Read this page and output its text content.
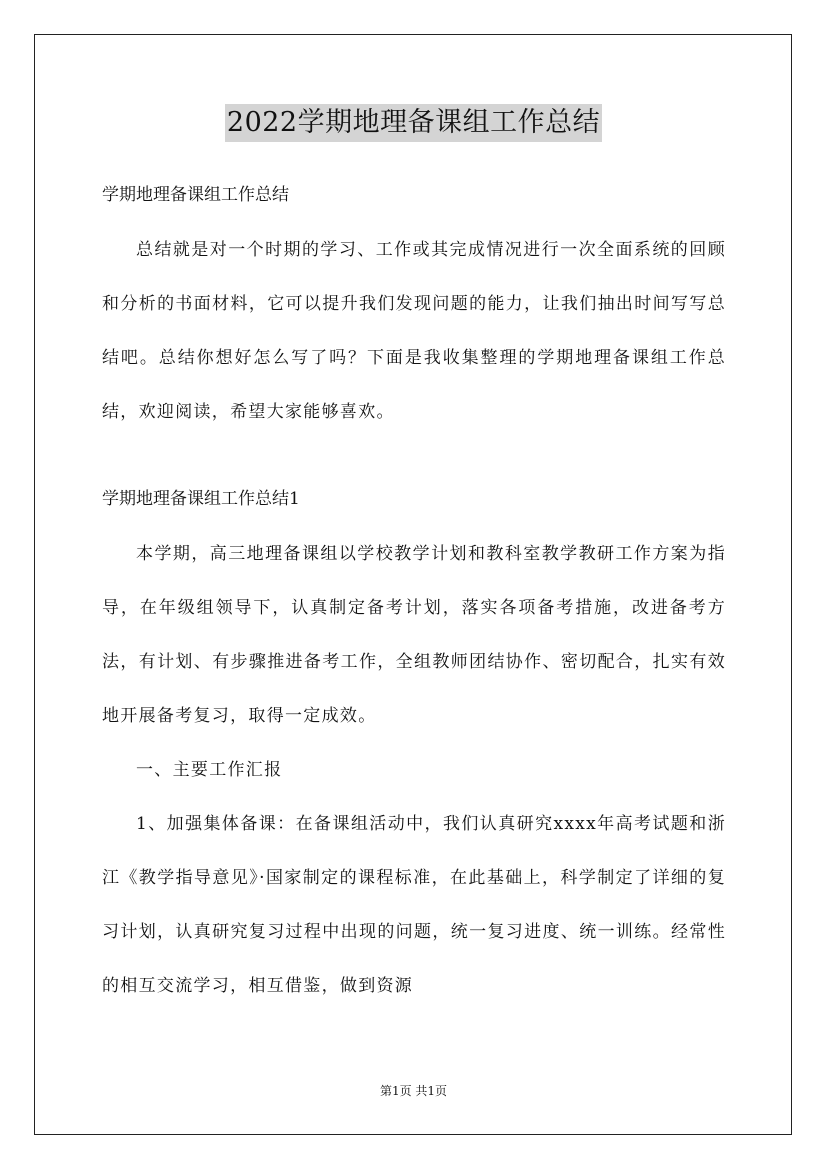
2022学期地理备课组工作总结

学期地理备课组工作总结

总结就是对一个时期的学习、工作或其完成情况进行一次全面系统的回顾和分析的书面材料，它可以提升我们发现问题的能力，让我们抽出时间写写总结吧。总结你想好怎么写了吗？下面是我收集整理的学期地理备课组工作总结，欢迎阅读，希望大家能够喜欢。

学期地理备课组工作总结1

本学期，高三地理备课组以学校教学计划和教科室教学教研工作方案为指导，在年级组领导下，认真制定备考计划，落实各项备考措施，改进备考方法，有计划、有步骤推进备考工作，全组教师团结协作、密切配合，扎实有效地开展备考复习，取得一定成效。

一、主要工作汇报

1、加强集体备课：在备课组活动中，我们认真研究xxxx年高考试题和浙江《教学指导意见》·国家制定的课程标准，在此基础上，科学制定了详细的复习计划，认真研究复习过程中出现的问题，统一复习进度、统一训练。经常性的相互交流学习，相互借鉴，做到资源

第1页 共1页
